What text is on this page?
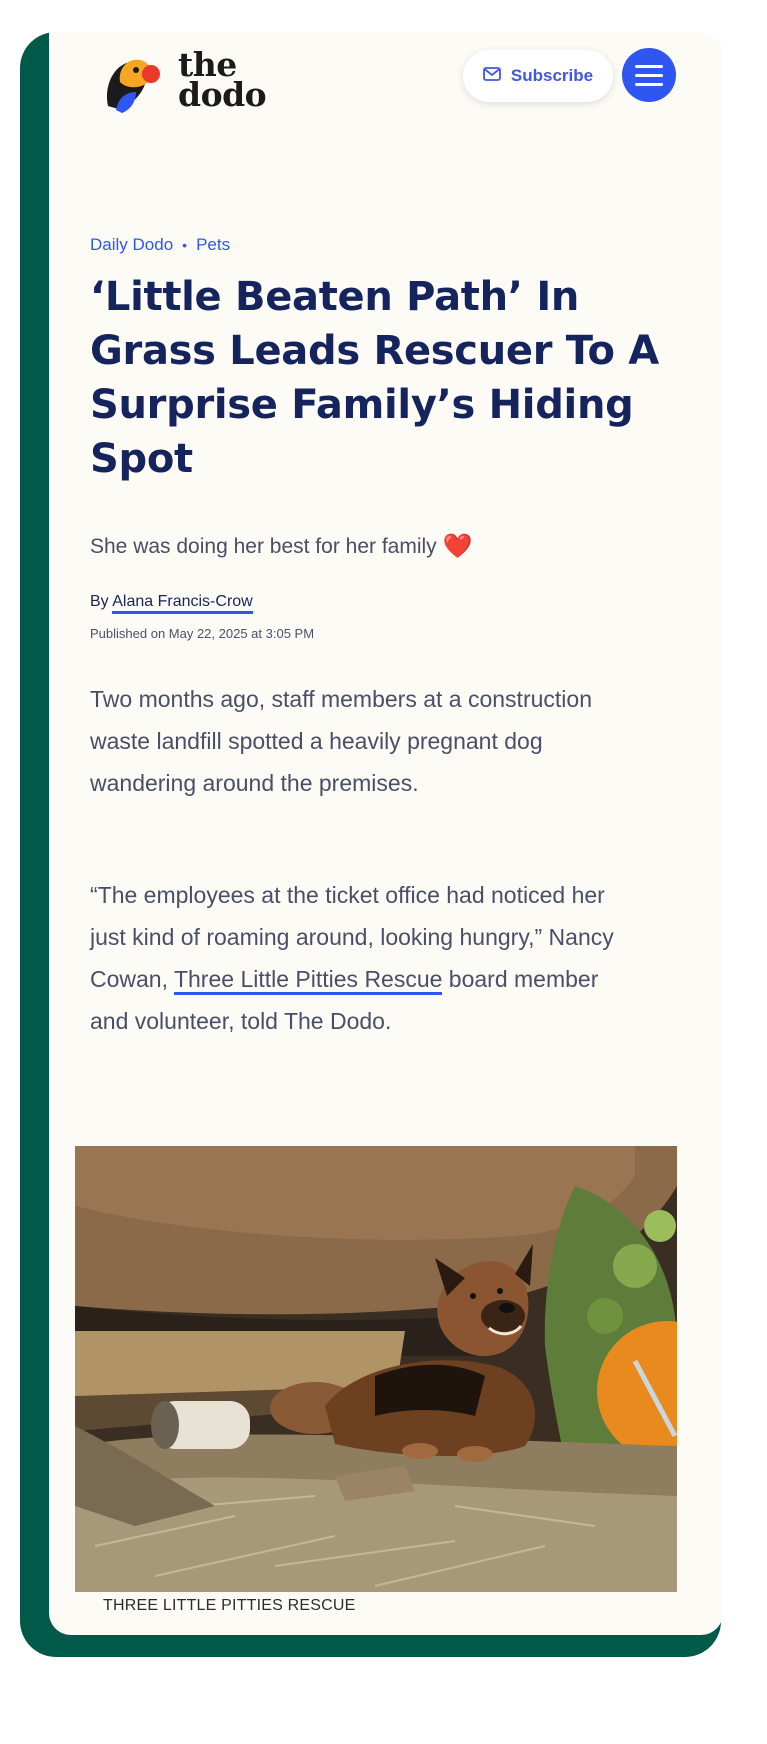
the
dodo	Subscribe
Daily Dodo • Pets
‘Little Beaten Path’ In Grass Leads Rescuer To A Surprise Family’s Hiding Spot
She was doing her best for her family ❤️
By Alana Francis-Crow
Published on May 22, 2025 at 3:05 PM

Two months ago, staff members at a construction waste landfill spotted a heavily pregnant dog wandering around the premises.

“The employees at the ticket office had noticed her just kind of roaming around, looking hungry,” Nancy Cowan, Three Little Pitties Rescue board member and volunteer, told The Dodo.

THREE LITTLE PITTIES RESCUE
